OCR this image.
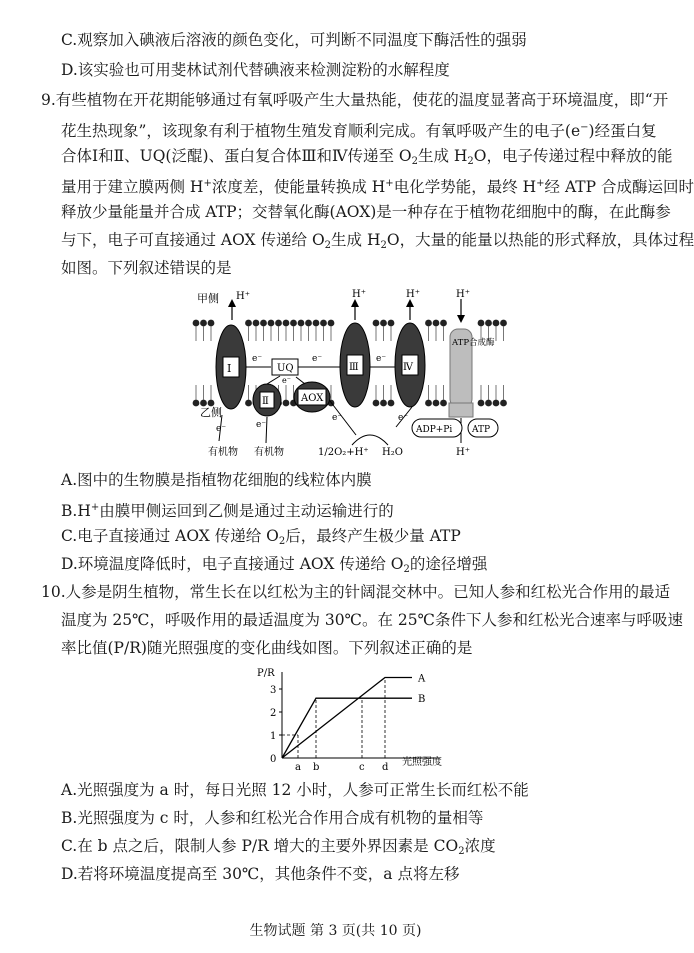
C.观察加入碘液后溶液的颜色变化，可判断不同温度下酶活性的强弱
D.该实验也可用斐林试剂代替碘液来检测淀粉的水解程度
9.有些植物在开花期能够通过有氧呼吸产生大量热能，使花的温度显著高于环境温度，即“开
花生热现象”，该现象有利于植物生殖发育顺利完成。有氧呼吸产生的电子(e−)经蛋白复
合体Ⅰ和Ⅱ、UQ(泛醌)、蛋白复合体Ⅲ和Ⅳ传递至 $O_2$生成 $H_2O$，电子传递过程中释放的能
量用于建立膜两侧 H+浓度差，使能量转换成 H+电化学势能，最终 H+经 ATP 合成酶运回时
释放少量能量并合成 ATP；交替氧化酶(AOX)是一种存在于植物花细胞中的酶，在此酶参
与下，电子可直接通过 AOX 传递给 $O_2$生成 $H_2O$，大量的能量以热能的形式释放，具体过程
如图。下列叙述错误的是
甲侧
乙侧
H⁺	H⁺	H⁺	H⁺
Ⅰ
Ⅱ
UQ
AOX
Ⅲ	Ⅳ
ATP合成酶
e⁻	e⁻	e⁻
e⁻
e⁻	e⁻
e⁻	e⁻
有机物 有机物	1/2O₂+H⁺ H₂O
ADP+Pi ATP
H⁺
A.图中的生物膜是指植物花细胞的线粒体内膜
B.H+由膜甲侧运回到乙侧是通过主动运输进行的
C.电子直接通过 AOX 传递给 $O_2$后，最终产生极少量 ATP
D.环境温度降低时，电子直接通过 AOX 传递给 $O_2$的途径增强
10.人参是阴生植物，常生长在以红松为主的针阔混交林中。已知人参和红松光合作用的最适
温度为 25℃，呼吸作用的最适温度为 30℃。在 25℃条件下人参和红松光合速率与呼吸速
率比值(P/R)随光照强度的变化曲线如图。下列叙述正确的是
P/R
光照强度
0
1
2
3
a b	c d
A
B
A.光照强度为 a 时，每日光照 12 小时，人参可正常生长而红松不能
B.光照强度为 c 时，人参和红松光合作用合成有机物的量相等
C.在 b 点之后，限制人参 P/R 增大的主要外界因素是 $CO_2$浓度
D.若将环境温度提高至 30℃，其他条件不变，a 点将左移
生物试题 第 3 页(共 10 页)
